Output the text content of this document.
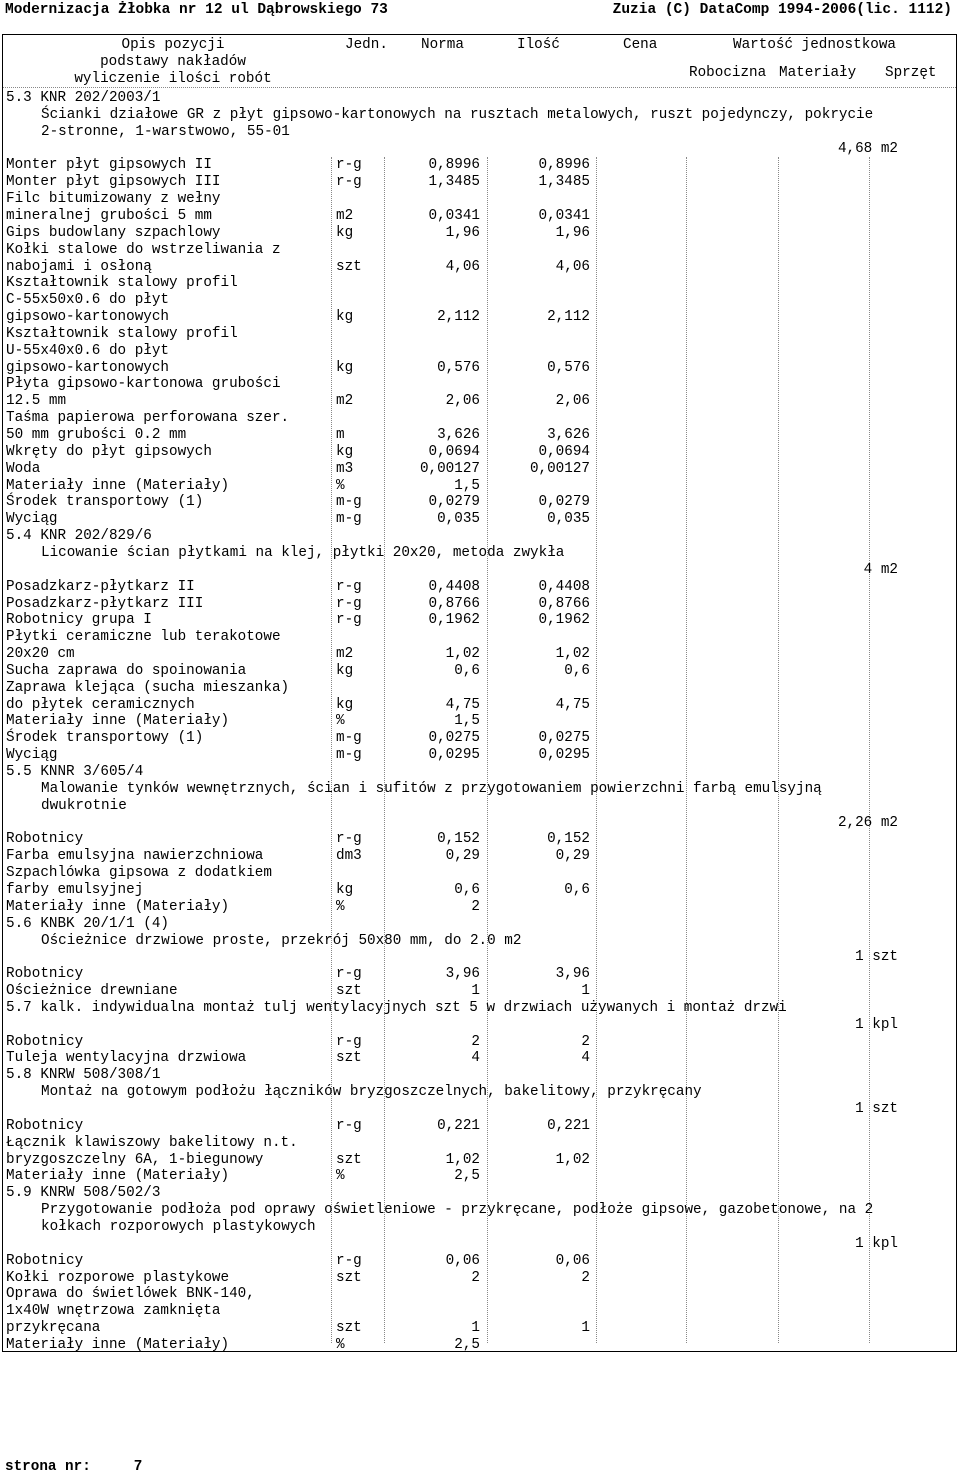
Modernizacja Żłobka nr 12 ul Dąbrowskiego 73	Zuzia (C) DataComp 1994-2006(lic. 1112)
Opis pozycji
podstawy nakładów
wyliczenie ilości robót
Jedn. Norma	Ilość	Cena	Wartość jednostkowa
Robocizna Materiały Sprzęt
5.3 KNR 202/2003/1
Ścianki działowe GR z płyt gipsowo-kartonowych na rusztach metalowych, ruszt pojedynczy, pokrycie
2-stronne, 1-warstwowo, 55-01
4,68 m2
Monter płyt gipsowych II	r-g	0,8996	0,8996
Monter płyt gipsowych III	r-g	1,3485	1,3485
Filc bitumizowany z wełny
mineralnej grubości 5 mm	m2	0,0341	0,0341
Gips budowlany szpachlowy	kg	1,96	1,96
Kołki stalowe do wstrzeliwania z
nabojami i osłoną	szt	4,06	4,06
Kształtownik stalowy profil
C-55x50x0.6 do płyt
gipsowo-kartonowych	kg	2,112	2,112
Kształtownik stalowy profil
U-55x40x0.6 do płyt
gipsowo-kartonowych	kg	0,576	0,576
Płyta gipsowo-kartonowa grubości
12.5 mm	m2	2,06	2,06
Taśma papierowa perforowana szer.
50 mm grubości 0.2 mm	m	3,626	3,626
Wkręty do płyt gipsowych	kg	0,0694	0,0694
Woda	m3	0,00127	0,00127
Materiały inne (Materiały)	%	1,5
Środek transportowy (1)	m-g	0,0279	0,0279
Wyciąg	m-g	0,035	0,035
5.4 KNR 202/829/6
Licowanie ścian płytkami na klej, płytki 20x20, metoda zwykła
4 m2
Posadzkarz-płytkarz II	r-g	0,4408	0,4408
Posadzkarz-płytkarz III	r-g	0,8766	0,8766
Robotnicy grupa I	r-g	0,1962	0,1962
Płytki ceramiczne lub terakotowe
20x20 cm	m2	1,02	1,02
Sucha zaprawa do spoinowania	kg	0,6	0,6
Zaprawa klejąca (sucha mieszanka)
do płytek ceramicznych	kg	4,75	4,75
Materiały inne (Materiały)	%	1,5
Środek transportowy (1)	m-g	0,0275	0,0275
Wyciąg	m-g	0,0295	0,0295
5.5 KNNR 3/605/4
Malowanie tynków wewnętrznych, ścian i sufitów z przygotowaniem powierzchni farbą emulsyjną
dwukrotnie
2,26 m2
Robotnicy	r-g	0,152	0,152
Farba emulsyjna nawierzchniowa	dm3	0,29	0,29
Szpachlówka gipsowa z dodatkiem
farby emulsyjnej	kg	0,6	0,6
Materiały inne (Materiały)	%	2
5.6 KNBK 20/1/1 (4)
Ościeżnice drzwiowe proste, przekrój 50x80 mm, do 2.0 m2
1 szt
Robotnicy	r-g	3,96	3,96
Ościeżnice drewniane	szt	1	1
5.7 kalk. indywidualna montaż tulj wentylacyjnych szt 5 w drzwiach używanych i montaż drzwi
1 kpl
Robotnicy	r-g	2	2
Tuleja wentylacyjna drzwiowa	szt	4	4
5.8 KNRW 508/308/1
Montaż na gotowym podłożu łączników bryzgoszczelnych, bakelitowy, przykręcany
1 szt
Robotnicy	r-g	0,221	0,221
Łącznik klawiszowy bakelitowy n.t.
bryzgoszczelny 6A, 1-biegunowy	szt	1,02	1,02
Materiały inne (Materiały)	%	2,5
5.9 KNRW 508/502/3
Przygotowanie podłoża pod oprawy oświetleniowe - przykręcane, podłoże gipsowe, gazobetonowe, na 2
kołkach rozporowych plastykowych
1 kpl
Robotnicy	r-g	0,06	0,06
Kołki rozporowe plastykowe	szt	2	2
Oprawa do świetlówek BNK-140,
1x40W wnętrzowa zamknięta
przykręcana	szt	1	1
Materiały inne (Materiały)	%	2,5
strona nr:	7
